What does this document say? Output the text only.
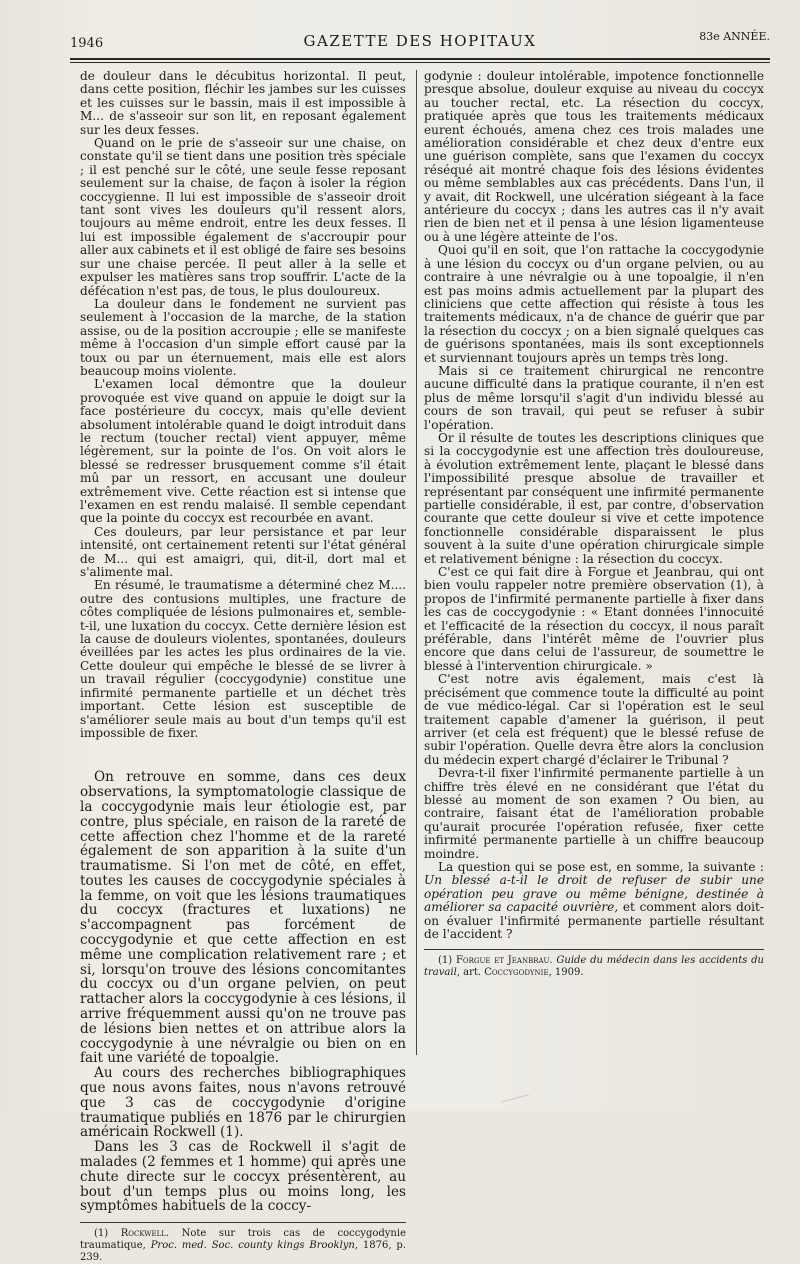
1946	GAZETTE DES HOPITAUX	83e ANNÉE.

de douleur dans le décubitus horizontal. Il peut, dans cette position, fléchir les jambes sur les cuisses et les cuisses sur le bassin, mais il est impossible à M... de s'asseoir sur son lit, en reposant également sur les deux fesses.

Quand on le prie de s'asseoir sur une chaise, on constate qu'il se tient dans une position très spéciale ; il est penché sur le côté, une seule fesse reposant seulement sur la chaise, de façon à isoler la région coccygienne. Il lui est impossible de s'asseoir droit tant sont vives les douleurs qu'il ressent alors, toujours au même endroit, entre les deux fesses. Il lui est impossible également de s'accroupir pour aller aux cabinets et il est obligé de faire ses besoins sur une chaise percée. Il peut aller à la selle et expulser les matières sans trop souffrir. L'acte de la défécation n'est pas, de tous, le plus douloureux.

La douleur dans le fondement ne survient pas seulement à l'occasion de la marche, de la station assise, ou de la position accroupie ; elle se manifeste même à l'occasion d'un simple effort causé par la toux ou par un éternuement, mais elle est alors beaucoup moins violente.

L'examen local démontre que la douleur provoquée est vive quand on appuie le doigt sur la face postérieure du coccyx, mais qu'elle devient absolument intolérable quand le doigt introduit dans le rectum (toucher rectal) vient appuyer, même légèrement, sur la pointe de l'os. On voit alors le blessé se redresser brusquement comme s'il était mû par un ressort, en accusant une douleur extrêmement vive. Cette réaction est si intense que l'examen en est rendu malaisé. Il semble cependant que la pointe du coccyx est recourbée en avant.

Ces douleurs, par leur persistance et par leur intensité, ont certainement retenti sur l'état général de M... qui est amaigri, qui, dit-il, dort mal et s'alimente mal.

En résumé, le traumatisme a déterminé chez M.... outre des contusions multiples, une fracture de côtes compliquée de lésions pulmonaires et, semble-t-il, une luxation du coccyx. Cette dernière lésion est la cause de douleurs violentes, spontanées, douleurs éveillées par les actes les plus ordinaires de la vie. Cette douleur qui empêche le blessé de se livrer à un travail régulier (coccygodynie) constitue une infirmité permanente partielle et un déchet très important. Cette lésion est susceptible de s'améliorer seule mais au bout d'un temps qu'il est impossible de fixer.

On retrouve en somme, dans ces deux observations, la symptomatologie classique de la coccygodynie mais leur étiologie est, par contre, plus spéciale, en raison de la rareté de cette affection chez l'homme et de la rareté également de son apparition à la suite d'un traumatisme. Si l'on met de côté, en effet, toutes les causes de coccygodynie spéciales à la femme, on voit que les lésions traumatiques du coccyx (fractures et luxations) ne s'accompagnent pas forcément de coccygodynie et que cette affection en est même une complication relativement rare ; et si, lorsqu'on trouve des lésions concomitantes du coccyx ou d'un organe pelvien, on peut rattacher alors la coccygodynie à ces lésions, il arrive fréquemment aussi qu'on ne trouve pas de lésions bien nettes et on attribue alors la coccygodynie à une névralgie ou bien on en fait une variété de topoalgie.

Au cours des recherches bibliographiques que nous avons faites, nous n'avons retrouvé que 3 cas de coccygodynie d'origine traumatique publiés en 1876 par le chirurgien américain Rockwell (1).

Dans les 3 cas de Rockwell il s'agit de malades (2 femmes et 1 homme) qui après une chute directe sur le coccyx présentèrent, au bout d'un temps plus ou moins long, les symptômes habituels de la coccy-

(1) Rockwell. Note sur trois cas de coccygodynie traumatique, Proc. med. Soc. county kings Brooklyn, 1876, p. 239.

godynie : douleur intolérable, impotence fonctionnelle presque absolue, douleur exquise au niveau du coccyx au toucher rectal, etc. La résection du coccyx, pratiquée après que tous les traitements médicaux eurent échoués, amena chez ces trois malades une amélioration considérable et chez deux d'entre eux une guérison complète, sans que l'examen du coccyx réséqué ait montré chaque fois des lésions évidentes ou même semblables aux cas précédents. Dans l'un, il y avait, dit Rockwell, une ulcération siégeant à la face antérieure du coccyx ; dans les autres cas il n'y avait rien de bien net et il pensa à une lésion ligamenteuse ou à une légère atteinte de l'os.

Quoi qu'il en soit, que l'on rattache la coccygodynie à une lésion du coccyx ou d'un organe pelvien, ou au contraire à une névralgie ou à une topoalgie, il n'en est pas moins admis actuellement par la plupart des cliniciens que cette affection qui résiste à tous les traitements médicaux, n'a de chance de guérir que par la résection du coccyx ; on a bien signalé quelques cas de guérisons spontanées, mais ils sont exceptionnels et surviennant toujours après un temps très long.

Mais si ce traitement chirurgical ne rencontre aucune difficulté dans la pratique courante, il n'en est plus de même lorsqu'il s'agit d'un individu blessé au cours de son travail, qui peut se refuser à subir l'opération.

Or il résulte de toutes les descriptions cliniques que si la coccygodynie est une affection très douloureuse, à évolution extrêmement lente, plaçant le blessé dans l'impossibilité presque absolue de travailler et représentant par conséquent une infirmité permanente partielle considérable, il est, par contre, d'observation courante que cette douleur si vive et cette impotence fonctionnelle considérable disparaissent le plus souvent à la suite d'une opération chirurgicale simple et relativement bénigne : la résection du coccyx.

C'est ce qui fait dire à Forgue et Jeanbrau, qui ont bien voulu rappeler notre première observation (1), à propos de l'infirmité permanente partielle à fixer dans les cas de coccygodynie : « Etant données l'innocuité et l'efficacité de la résection du coccyx, il nous paraît préférable, dans l'intérêt même de l'ouvrier plus encore que dans celui de l'assureur, de soumettre le blessé à l'intervention chirurgicale. »

C'est notre avis également, mais c'est là précisément que commence toute la difficulté au point de vue médico-légal. Car si l'opération est le seul traitement capable d'amener la guérison, il peut arriver (et cela est fréquent) que le blessé refuse de subir l'opération. Quelle devra être alors la conclusion du médecin expert chargé d'éclairer le Tribunal ?

Devra-t-il fixer l'infirmité permanente partielle à un chiffre très élevé en ne considérant que l'état du blessé au moment de son examen ? Ou bien, au contraire, faisant état de l'amélioration probable qu'aurait procurée l'opération refusée, fixer cette infirmité permanente partielle à un chiffre beaucoup moindre.

La question qui se pose est, en somme, la suivante : Un blessé a-t-il le droit de refuser de subir une opération peu grave ou même bénigne, destinée à améliorer sa capacité ouvrière, et comment alors doit-on évaluer l'infirmité permanente partielle résultant de l'accident ?

(1) Forgue et Jeanbrau. Guide du médecin dans les accidents du travail, art. Coccygodynie, 1909.
